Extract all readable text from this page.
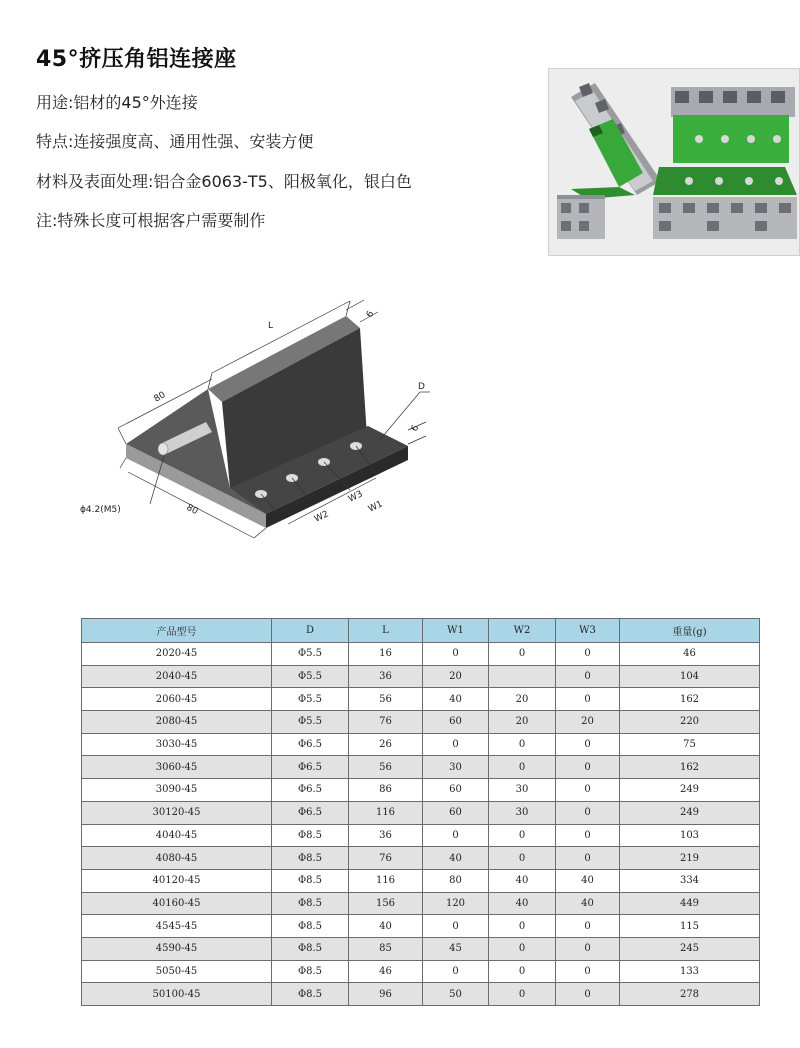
45°挤压角铝连接座
用途:铝材的45°外连接
特点:连接强度高、通用性强、安装方便
材料及表面处理:铝合金6063-T5、阳极氧化，银白色
注:特殊长度可根据客户需要制作
L
6
80
80
D
6
W3
W1
W2
ϕ4.2(M5)
产品型号	D	L	W1	W2	W3	重量(g)
2020-45	Φ5.5	16	0	0	0	46
2040-45	Φ5.5	36	20		0	104
2060-45	Φ5.5	56	40	20	0	162
2080-45	Φ5.5	76	60	20	20	220
3030-45	Φ6.5	26	0	0	0	75
3060-45	Φ6.5	56	30	0	0	162
3090-45	Φ6.5	86	60	30	0	249
30120-45	Φ6.5	116	60	30	0	249
4040-45	Φ8.5	36	0	0	0	103
4080-45	Φ8.5	76	40	0	0	219
40120-45	Φ8.5	116	80	40	40	334
40160-45	Φ8.5	156	120	40	40	449
4545-45	Φ8.5	40	0	0	0	115
4590-45	Φ8.5	85	45	0	0	245
5050-45	Φ8.5	46	0	0	0	133
50100-45	Φ8.5	96	50	0	0	278
